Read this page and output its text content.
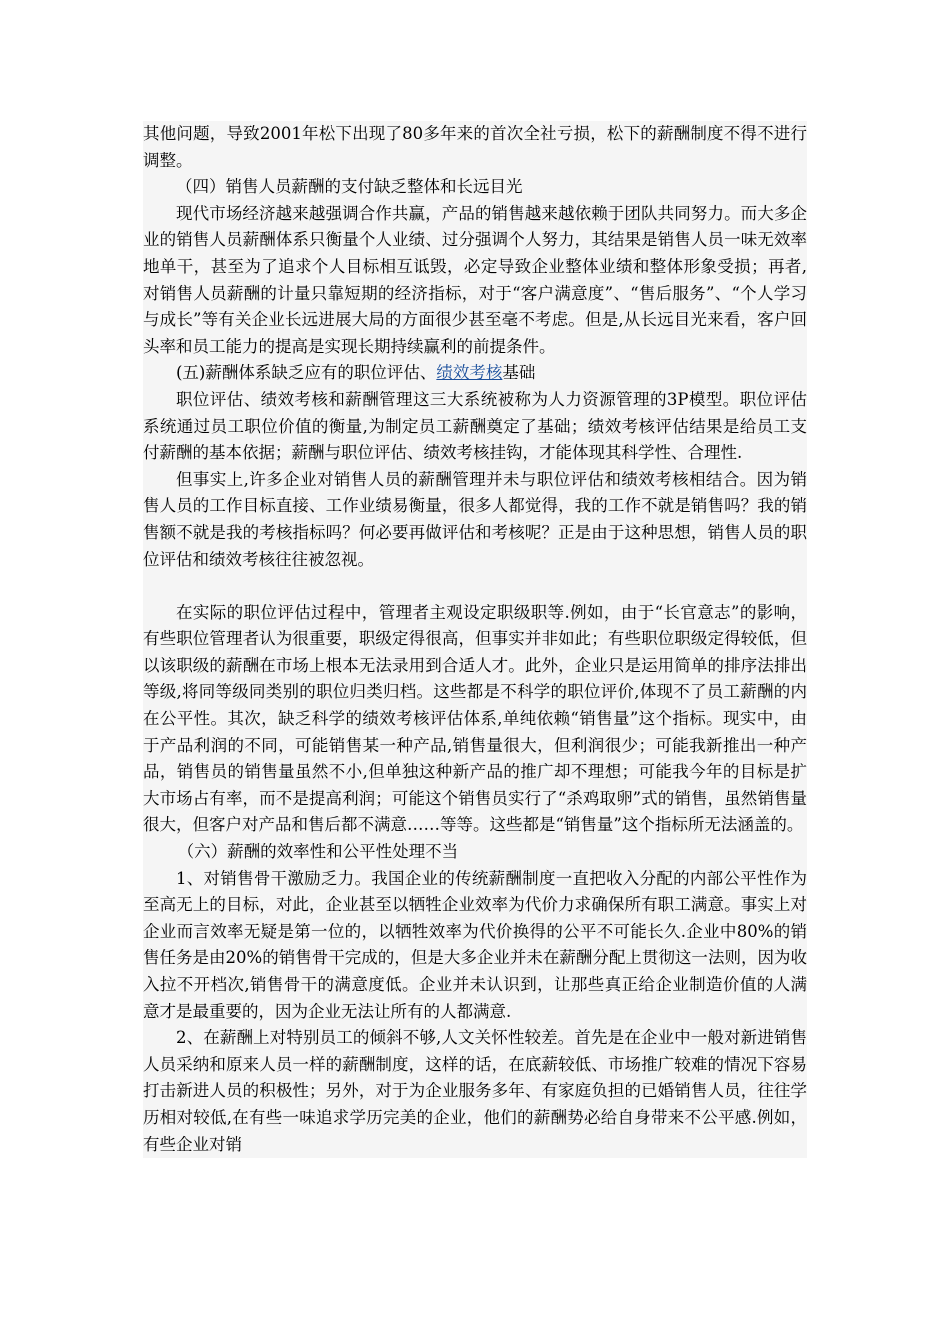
其他问题，导致2001年松下出现了80多年来的首次全社亏损，松下的薪酬制度不得不进行调整。

（四）销售人员薪酬的支付缺乏整体和长远目光

现代市场经济越来越强调合作共赢，产品的销售越来越依赖于团队共同努力。而大多企业的销售人员薪酬体系只衡量个人业绩、过分强调个人努力，其结果是销售人员一味无效率地单干，甚至为了追求个人目标相互诋毁，必定导致企业整体业绩和整体形象受损；再者,对销售人员薪酬的计量只靠短期的经济指标，对于“客户满意度”、“售后服务”、“个人学习与成长”等有关企业长远进展大局的方面很少甚至毫不考虑。但是,从长远目光来看，客户回头率和员工能力的提高是实现长期持续赢利的前提条件。

(五)薪酬体系缺乏应有的职位评估、绩效考核基础

职位评估、绩效考核和薪酬管理这三大系统被称为人力资源管理的3P模型。职位评估系统通过员工职位价值的衡量,为制定员工薪酬奠定了基础；绩效考核评估结果是给员工支付薪酬的基本依据；薪酬与职位评估、绩效考核挂钩，才能体现其科学性、合理性.

但事实上,许多企业对销售人员的薪酬管理并未与职位评估和绩效考核相结合。因为销售人员的工作目标直接、工作业绩易衡量，很多人都觉得，我的工作不就是销售吗？我的销售额不就是我的考核指标吗？何必要再做评估和考核呢？正是由于这种思想，销售人员的职位评估和绩效考核往往被忽视。

在实际的职位评估过程中，管理者主观设定职级职等.例如，由于“长官意志”的影响，有些职位管理者认为很重要，职级定得很高，但事实并非如此；有些职位职级定得较低，但以该职级的薪酬在市场上根本无法录用到合适人才。此外，企业只是运用简单的排序法排出等级,将同等级同类别的职位归类归档。这些都是不科学的职位评价,体现不了员工薪酬的内在公平性。其次，缺乏科学的绩效考核评估体系,单纯依赖“销售量”这个指标。现实中，由于产品利润的不同，可能销售某一种产品,销售量很大，但利润很少；可能我新推出一种产品，销售员的销售量虽然不小,但单独这种新产品的推广却不理想；可能我今年的目标是扩大市场占有率，而不是提高利润；可能这个销售员实行了“杀鸡取卵”式的销售，虽然销售量很大，但客户对产品和售后都不满意……等等。这些都是“销售量”这个指标所无法涵盖的。

（六）薪酬的效率性和公平性处理不当

1、对销售骨干激励乏力。我国企业的传统薪酬制度一直把收入分配的内部公平性作为至高无上的目标，对此，企业甚至以牺牲企业效率为代价力求确保所有职工满意。事实上对企业而言效率无疑是第一位的，以牺牲效率为代价换得的公平不可能长久.企业中80%的销售任务是由20%的销售骨干完成的，但是大多企业并未在薪酬分配上贯彻这一法则，因为收入拉不开档次,销售骨干的满意度低。企业并未认识到，让那些真正给企业制造价值的人满意才是最重要的，因为企业无法让所有的人都满意.

2、在薪酬上对特别员工的倾斜不够,人文关怀性较差。首先是在企业中一般对新进销售人员采纳和原来人员一样的薪酬制度，这样的话，在底薪较低、市场推广较难的情况下容易打击新进人员的积极性；另外，对于为企业服务多年、有家庭负担的已婚销售人员，往往学历相对较低,在有些一味追求学历完美的企业，他们的薪酬势必给自身带来不公平感.例如，有些企业对销
